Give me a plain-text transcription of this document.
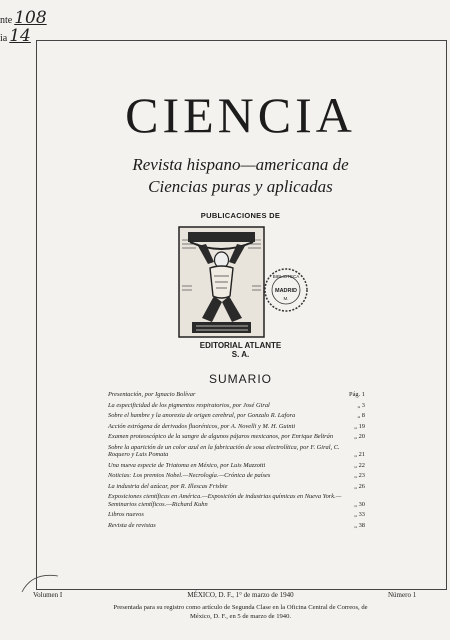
nte 108
ia 14
CIENCIA
Revista hispano—americana de
Ciencias puras y aplicadas
PUBLICACIONES DE
BIBLIOTECA
MADRID
M.
EDITORIAL ATLANTE
S. A.
SUMARIO
Presentación, por Ignacio Bolívar	Pág. 1
La especificidad de los pigmentos respiratorios, por José Giral	„ 3
Sobre el hambre y la anorexia de origen cerebral, por Gonzalo R. Lafora	„ 8
Acción estrógena de derivados fluorénicos, por A. Novelli y M. H. Guinti	„ 19
Examen proteoscópico de la sangre de algunos pájaros mexicanos, por Enrique Beltrán	„ 20
Sobre la aparición de un color azul en la fabricación de sosa electrolítica, por F. Giral, C. Roquero y Luis Pomata	„ 21
Una nueva especie de Triatoma en México, por Luis Mazzotti	„ 22
Noticias: Los premios Nobel.—Necrología.—Crónica de países	„ 23
La industria del azúcar, por R. Illescas Frisbie	„ 26
Exposiciones científicas en América.—Exposición de industrias químicas en Nueva York.—Seminarios científicos.—Richard Kuhn	„ 30
Libros nuevos	„ 33
Revista de revistas	„ 38
Volumen I	MÉXICO, D. F., 1° de marzo de 1940	Número 1
Presentada para su registro como artículo de Segunda Clase en la Oficina Central de Correos, de
México, D. F., en 5 de marzo de 1940.
